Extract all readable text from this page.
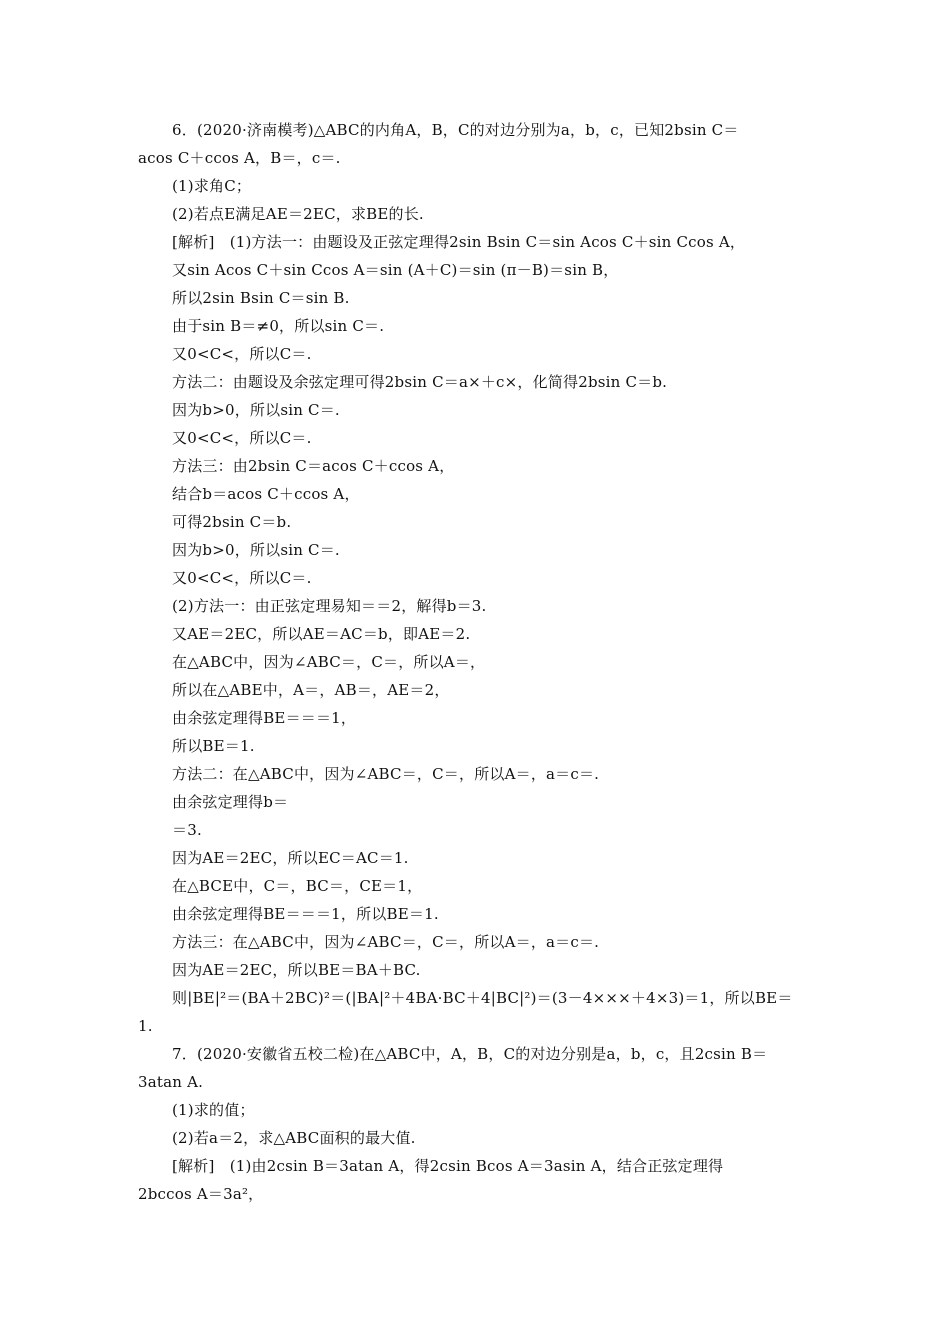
6．(2020·济南模考)△ABC的内角A，B，C的对边分别为a，b，c，已知2bsin C＝
acos C＋ccos A，B＝，c＝.
(1)求角C；
(2)若点E满足AE＝2EC，求BE的长.
[解析]　(1)方法一：由题设及正弦定理得2sin Bsin C＝sin Acos C＋sin Ccos A，
又sin Acos C＋sin Ccos A＝sin (A＋C)＝sin (π－B)＝sin B，
所以2sin Bsin C＝sin B.
由于sin B＝≠0，所以sin C＝.
又0<C<，所以C＝.
方法二：由题设及余弦定理可得2bsin C＝a×＋c×，化简得2bsin C＝b.
因为b>0，所以sin C＝.
又0<C<，所以C＝.
方法三：由2bsin C＝acos C＋ccos A，
结合b＝acos C＋ccos A，
可得2bsin C＝b.
因为b>0，所以sin C＝.
又0<C<，所以C＝.
(2)方法一：由正弦定理易知＝＝2，解得b＝3.
又AE＝2EC，所以AE＝AC＝b，即AE＝2.
在△ABC中，因为∠ABC＝，C＝，所以A＝，
所以在△ABE中，A＝，AB＝，AE＝2，
由余弦定理得BE＝＝＝1，
所以BE＝1.
方法二：在△ABC中，因为∠ABC＝，C＝，所以A＝，a＝c＝.
由余弦定理得b＝
＝3.
因为AE＝2EC，所以EC＝AC＝1.
在△BCE中，C＝，BC＝，CE＝1，
由余弦定理得BE＝＝＝1，所以BE＝1.
方法三：在△ABC中，因为∠ABC＝，C＝，所以A＝，a＝c＝.
因为AE＝2EC，所以BE＝BA＋BC.
则|BE|²＝(BA＋2BC)²＝(|BA|²＋4BA·BC＋4|BC|²)＝(3－4×××＋4×3)＝1，所以BE＝
1.
7．(2020·安徽省五校二检)在△ABC中，A，B，C的对边分别是a，b，c，且2csin B＝
3atan A.
(1)求的值；
(2)若a＝2，求△ABC面积的最大值.
[解析]　(1)由2csin B＝3atan A，得2csin Bcos A＝3asin A，结合正弦定理得
2bccos A＝3a²，
